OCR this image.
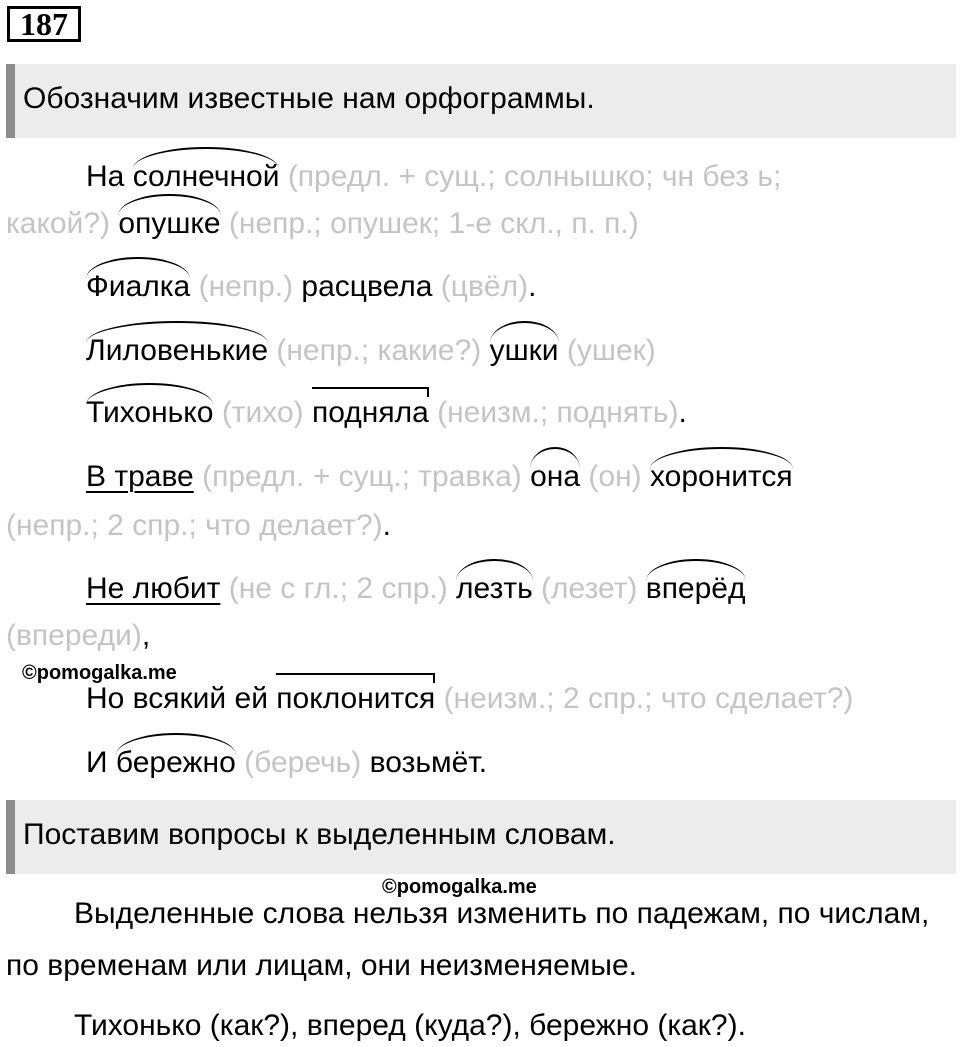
187
Обозначим известные нам орфограммы.
На солнечной (предл. + сущ.; солнышко; чн без ь;
какой?) опушке (непр.; опушек; 1-е скл., п. п.)
Фиалка (непр.) расцвела (цвёл).
Лиловенькие (непр.; какие?) ушки (ушек)
Тихонько (тихо) подняла (неизм.; поднять).
В траве (предл. + сущ.; травка) она (он) хоронится
(непр.; 2 спр.; что делает?).
Не любит (не с гл.; 2 спр.) лезть (лезет) вперёд
(впереди),
©pomogalka.me
Но всякий ей поклонится (неизм.; 2 спр.; что сделает?)
И бережно (беречь) возьмёт.
Поставим вопросы к выделенным словам.
©pomogalka.me
Выделенные слова нельзя изменить по падежам, по числам, по временам или лицам, они неизменяемые.
Тихонько (как?), вперед (куда?), бережно (как?).
